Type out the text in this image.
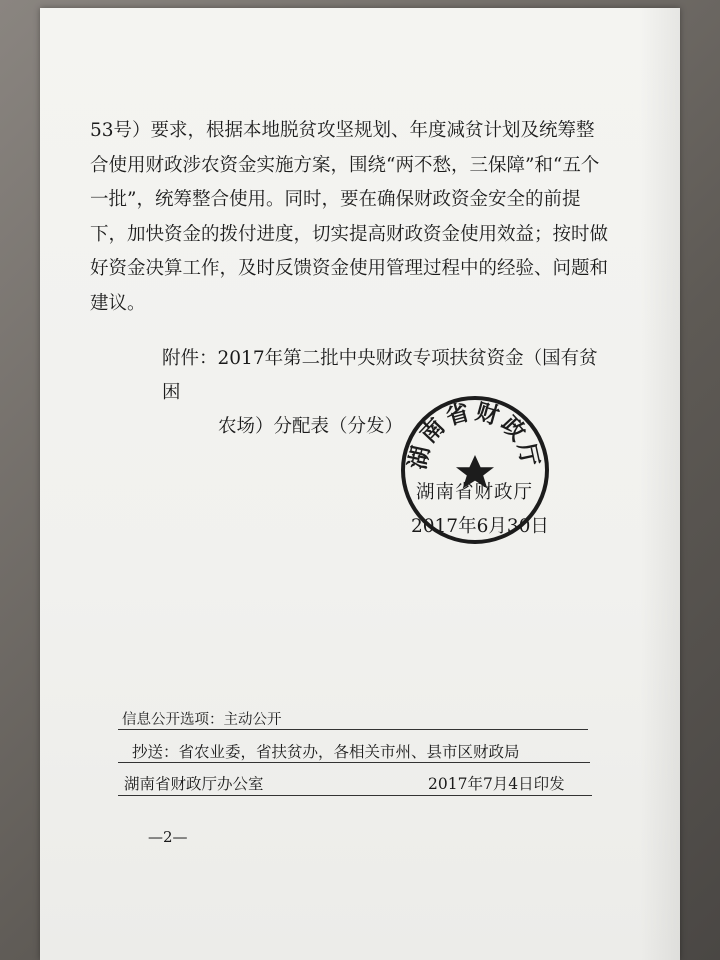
53号）要求，根据本地脱贫攻坚规划、年度减贫计划及统筹整合使用财政涉农资金实施方案，围绕“两不愁，三保障”和“五个一批”，统筹整合使用。同时，要在确保财政资金安全的前提下，加快资金的拨付进度，切实提高财政资金使用效益；按时做好资金决算工作，及时反馈资金使用管理过程中的经验、问题和建议。

附件：2017年第二批中央财政专项扶贫资金（国有贫困
农场）分配表（分发）

湖南省财政厅
湖南省财政厅
2017年6月30日
信息公开选项：主动公开
抄送：省农业委，省扶贫办，各相关市州、县市区财政局
湖南省财政厅办公室	2017年7月4日印发
—2—
